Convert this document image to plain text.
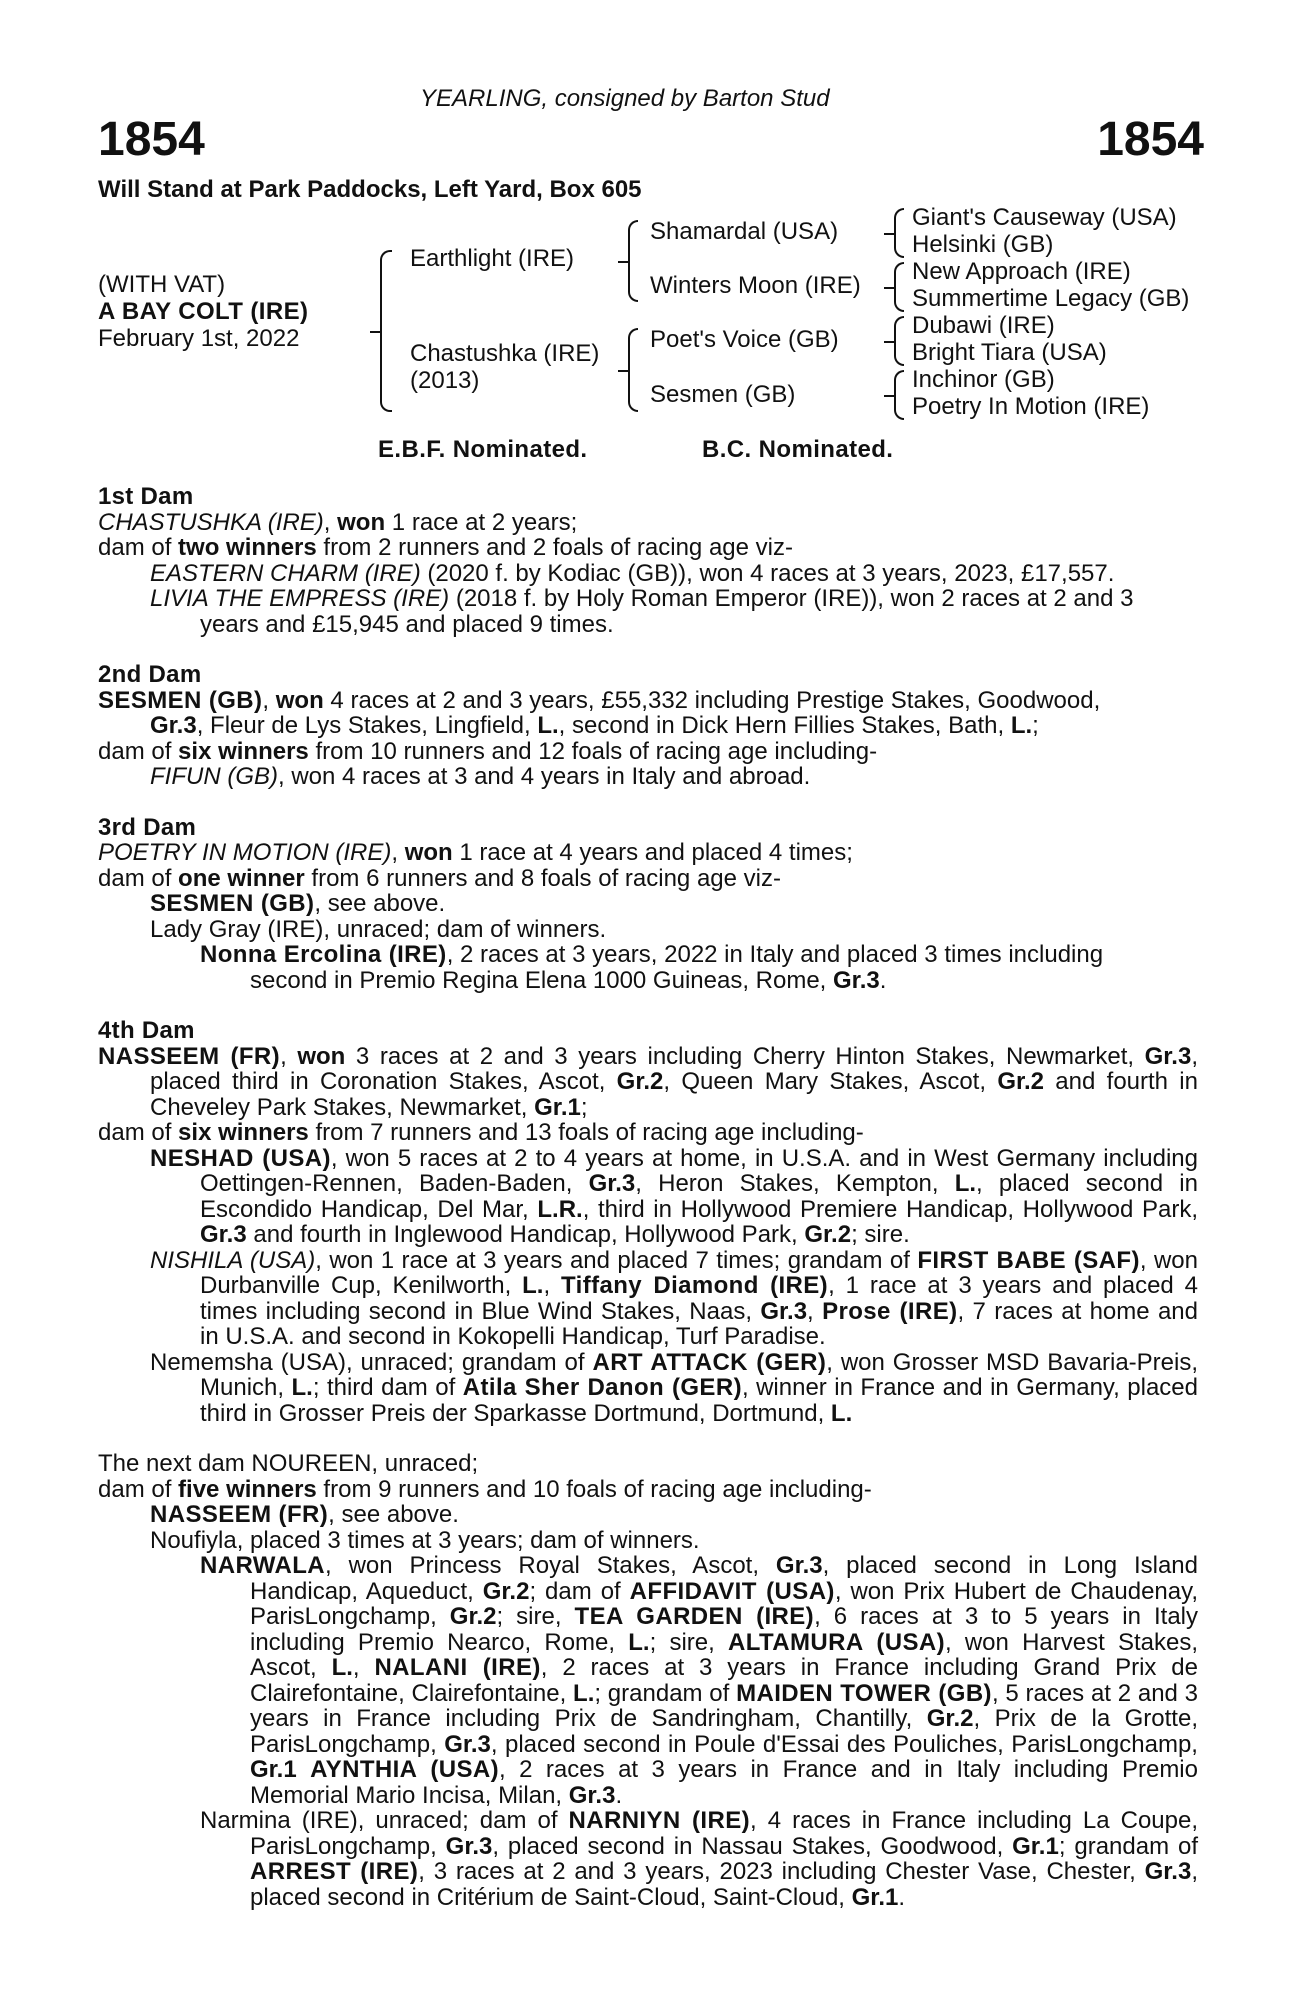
YEARLING, consigned by Barton Stud
1854	1854
Will Stand at Park Paddocks, Left Yard, Box 605
(WITH VAT)
A BAY COLT (IRE)
February 1st, 2022
Earthlight (IRE)
Chastushka (IRE)
(2013)
Shamardal (USA)
Winters Moon (IRE)
Poet's Voice (GB)
Sesmen (GB)
Giant's Causeway (USA)
Helsinki (GB)
New Approach (IRE)
Summertime Legacy (GB)
Dubawi (IRE)
Bright Tiara (USA)
Inchinor (GB)
Poetry In Motion (IRE)
E.B.F. Nominated.	B.C. Nominated.
1st Dam
CHASTUSHKA (IRE), won 1 race at 2 years;
dam of two winners from 2 runners and 2 foals of racing age viz-
EASTERN CHARM (IRE) (2020 f. by Kodiac (GB)), won 4 races at 3 years, 2023, £17,557.
LIVIA THE EMPRESS (IRE) (2018 f. by Holy Roman Emperor (IRE)), won 2 races at 2 and 3
years and £15,945 and placed 9 times.
2nd Dam
SESMEN (GB), won 4 races at 2 and 3 years, £55,332 including Prestige Stakes, Goodwood,
Gr.3, Fleur de Lys Stakes, Lingfield, L., second in Dick Hern Fillies Stakes, Bath, L.;
dam of six winners from 10 runners and 12 foals of racing age including-
FIFUN (GB), won 4 races at 3 and 4 years in Italy and abroad.
3rd Dam
POETRY IN MOTION (IRE), won 1 race at 4 years and placed 4 times;
dam of one winner from 6 runners and 8 foals of racing age viz-
SESMEN (GB), see above.
Lady Gray (IRE), unraced; dam of winners.
Nonna Ercolina (IRE), 2 races at 3 years, 2022 in Italy and placed 3 times including
second in Premio Regina Elena 1000 Guineas, Rome, Gr.3.
4th Dam
NASSEEM (FR), won 3 races at 2 and 3 years including Cherry Hinton Stakes, Newmarket, Gr.3, placed third in Coronation Stakes, Ascot, Gr.2, Queen Mary Stakes, Ascot, Gr.2 and fourth in Cheveley Park Stakes, Newmarket, Gr.1;
dam of six winners from 7 runners and 13 foals of racing age including-
NESHAD (USA), won 5 races at 2 to 4 years at home, in U.S.A. and in West Germany including Oettingen-Rennen, Baden-Baden, Gr.3, Heron Stakes, Kempton, L., placed second in Escondido Handicap, Del Mar, L.R., third in Hollywood Premiere Handicap, Hollywood Park, Gr.3 and fourth in Inglewood Handicap, Hollywood Park, Gr.2; sire.
NISHILA (USA), won 1 race at 3 years and placed 7 times; grandam of FIRST BABE (SAF), won Durbanville Cup, Kenilworth, L., Tiffany Diamond (IRE), 1 race at 3 years and placed 4 times including second in Blue Wind Stakes, Naas, Gr.3, Prose (IRE), 7 races at home and in U.S.A. and second in Kokopelli Handicap, Turf Paradise.
Nememsha (USA), unraced; grandam of ART ATTACK (GER), won Grosser MSD Bavaria-Preis, Munich, L.; third dam of Atila Sher Danon (GER), winner in France and in Germany, placed third in Grosser Preis der Sparkasse Dortmund, Dortmund, L.
The next dam NOUREEN, unraced;
dam of five winners from 9 runners and 10 foals of racing age including-
NASSEEM (FR), see above.
Noufiyla, placed 3 times at 3 years; dam of winners.
NARWALA, won Princess Royal Stakes, Ascot, Gr.3, placed second in Long Island Handicap, Aqueduct, Gr.2; dam of AFFIDAVIT (USA), won Prix Hubert de Chaudenay, ParisLongchamp, Gr.2; sire, TEA GARDEN (IRE), 6 races at 3 to 5 years in Italy including Premio Nearco, Rome, L.; sire, ALTAMURA (USA), won Harvest Stakes, Ascot, L., NALANI (IRE), 2 races at 3 years in France including Grand Prix de Clairefontaine, Clairefontaine, L.; grandam of MAIDEN TOWER (GB), 5 races at 2 and 3 years in France including Prix de Sandringham, Chantilly, Gr.2, Prix de la Grotte, ParisLongchamp, Gr.3, placed second in Poule d'Essai des Pouliches, ParisLongchamp, Gr.1 AYNTHIA (USA), 2 races at 3 years in France and in Italy including Premio Memorial Mario Incisa, Milan, Gr.3.
Narmina (IRE), unraced; dam of NARNIYN (IRE), 4 races in France including La Coupe, ParisLongchamp, Gr.3, placed second in Nassau Stakes, Goodwood, Gr.1; grandam of ARREST (IRE), 3 races at 2 and 3 years, 2023 including Chester Vase, Chester, Gr.3, placed second in Critérium de Saint-Cloud, Saint-Cloud, Gr.1.
